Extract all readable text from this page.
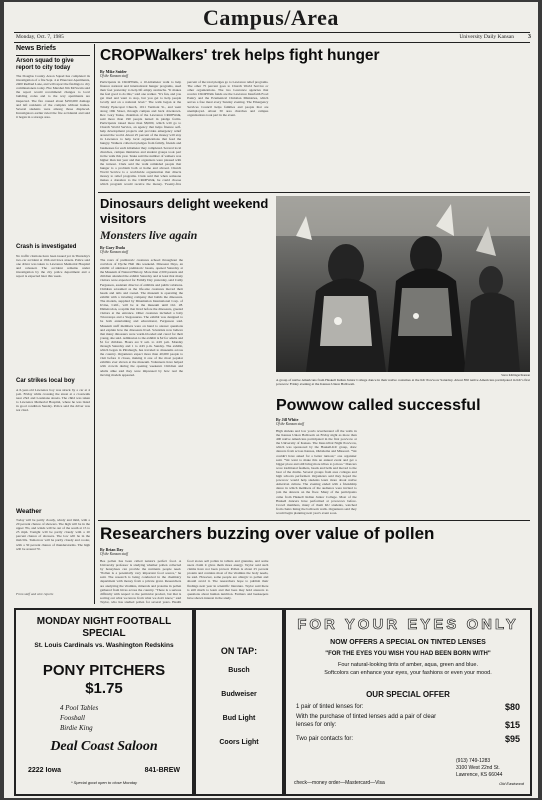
Campus/Area
Monday, Oct. 7, 1985	University Daily Kansan	3
News Briefs
Arson squad to give report to city today
The Douglas County Arson Squad has completed its investigation of a fire Sept. 4 at Pinecrest Apartments, 2400 Redbud Lane, and will report the findings to city commissioners today. Fire Marshal Jim McSwain said the report would recommend changes to local building codes and to the way apartments are inspected. The fire caused about $250,000 damage and left residents of the complex without homes. Several students were among those displaced. Investigators earlier ruled the fire accidental and said it began in a storage area.
Crash is investigated
No traffic citations have been issued yet in Thursday's two-car accident at 19th and Iowa streets. Police said one driver was taken to Lawrence Memorial Hospital and released. The accident remains under investigation by the city police department and a report is expected later this week.
Car strikes local boy
A 6-year-old Lawrence boy was struck by a car at 4 p.m. Friday while crossing the street at a crosswalk near 23rd and Louisiana streets. The child was taken to Lawrence Memorial Hospital, where he was listed in good condition Sunday. Police said the driver was not cited.
Weather
Today will be partly cloudy, windy and mild, with a 20 percent chance of showers. The high will be in the upper 70s, and winds will be out of the south at 15 to 25 mph. Tonight will be partly cloudy with a 20 percent chance of showers. The low will be in the mid-50s. Tomorrow will be partly cloudy and cooler, with a 30 percent chance of thunderstorms. The high will be around 70.
From staff and wire reports
CROPWalkers' trek helps fight hunger
By Mike Snider
Of the Kansan staff
Participants in CROPWalk, a 10-kilometer walk to help finance national and international hunger programs, used their feet yesterday to help lift empty stomachs. "It makes me feel good to do this," said one walker. "It's fun, and you get tired and want to stop, but you get to help people locally and on a national level." The walk began at the Trinity Episcopal Church, 1011 Vermont St., and went along 19th Street, through campus and back downtown. Rev. Gary Teske, chairman of the Lawrence CROPWalk, said more than 190 people turned in pledge forms. Participants raised more than $8,000, which will go to Church World Service, an agency that helps finance self-help development projects and provides emergency relief around the world. About 25 percent of the money will stay in Lawrence to help local organizations that feed the hungry. Walkers collected pledges from family, friends and businesses for each kilometer they completed. Several local churches, campus ministries and student groups took part in the walk this year. Teske said the number of walkers was higher than last year and that organizers were pleased with the turnout. Clark said the walk reminded people that hunger is a problem both at home and abroad. Church World Service is a worldwide organization that directs money to relief programs. Clark said that when someone makes a donation to the CROPWalk, he could choose which program would receive the money. Twenty-five percent of the total pledges go to Lawrence relief programs. The other 75 percent goes to Church World Service or other organizations. The two Lawrence agencies that receive CROPWalk funds are the Lawrence Interfaith Food Pantry and the Ecumenical Christian Ministries, which serves a free meal every Sunday evening. The Emergency Services Council helps families and people that are unemployed. About 30 area churches and campus organizations took part in the event.
Dinosaurs delight weekend visitors
Monsters live again
By Gary Duda
Of the Kansan staff
The roars of prehistoric creatures echoed throughout the corridors of Dyche Hall this weekend. Dinosaur Days, an exhibit of animated prehistoric beasts, opened Saturday at the Museum of Natural History. More than 2,500 parents and children attended the exhibit Saturday and at least that many visitors were expected for Family Day yesterday, said Cathy Fergusson, assistant director of exhibits and public relations. Children screamed as the life-size creatures moved their heads and tails and roared. The museum is operating the exhibit with a traveling company that builds the dinosaurs. The models, supplied by Dinamation International Corp. of Irvine, Calif., will be at the museum until Oct. 28. Dimetrodon, a reptile that lived before the dinosaurs, greeted visitors at the entrance. Other creatures included a baby Triceratops and a Stegosaurus. The exhibit was designed to be both entertaining and educational, Fergusson said. Museum staff members were on hand to answer questions and explain how the dinosaurs lived. Scientists now believe that many dinosaurs were warm-blooded and cared for their young, she said. Admission to the exhibit is $2 for adults and $1 for children. Hours are 9 a.m. to 4:45 p.m. Monday through Saturday and 1 to 4:45 p.m. Sunday. The exhibit, which began in Pittsburgh, has traveled to museums across the country. Organizers expect more than 40,000 people to visit before it closes, making it one of the most popular exhibits ever shown at the museum. Volunteers have helped with crowds during the opening weekend. Children and adults alike said they were impressed by how real the moving models appeared.	Steve Kiblinger/Kansan
A group of native Americans from Haskell Indian Junior College dance in their native costumes at the KU Powwow Saturday. About 850 native Americans participated in KU's first powwow Friday evening at the Kansas Union Ballroom.
Powwow called successful
By Jill White
Of the Kansan staff
High shrieks and low yowls reverberated off the walls in the Kansas Union Ballroom on Friday night as more than 400 native Americans participated in the first powwow at the University of Kansas. The Inter-tribal Night Powwow, which was sponsored by the Haskell-KU group, drew dancers from across Kansas, Oklahoma and Missouri. "We couldn't have asked for a better turnout," one organizer said. "We want to make this an annual event and get a bigger place and still bring more tribes to join us." Dancers wore traditional feathers, beads and bells and moved to the beat of the drums. Several groups from area colleges and high schools performed. Organizers said they hoped the powwow would help students learn more about native American culture. The evening ended with a friendship dance in which members of the audience were invited to join the dancers on the floor. Many of the participants came from Haskell Indian Junior College. Most of the Haskell dancers have performed at powwows before. Crowd members, many of them KU students, watched from chairs lining the ballroom walls. Organizers said they would begin planning next year's event soon.
Researchers buzzing over value of pollen
By Brian Day
Of the Kansan staff
Bee pollen has been called nature's perfect food. A University professor is studying whether pollen collected by honeybees can provide the nutrients people need. "Pollen is a potentially very important food source," he said. The research is being conducted in the chemistry department with money from a private grant. Researchers are analyzing the vitamins, minerals and proteins in pollen gathered from hives across the country. "There is a serious difficulty with respect to the particular product, but that is sorting out what we know from what we don't know," said Taylor, who has studied pollen for several years. Health food stores sell pollen in tablets and granules, and some users claim it gives them more energy. Taylor said such claims have not been proved. Pollen is about 25 percent protein and contains most of the vitamins the body needs, he said. However, some people are allergic to pollen and should avoid it. The researchers hope to publish their findings next year in scientific literature. Taylor said there is still much to learn and that bees may hold answers to questions about human nutrition. Farmers and beekeepers have shown interest in the study.
MONDAY NIGHT FOOTBALL SPECIAL
St. Louis Cardinals vs. Washington Redskins
PONY PITCHERS
$1.75
4 Pool Tables
Foosball
Birdie King
Deal Coast Saloon
2222 Iowa	841-BREW
* Special good open to close Monday
ON TAP:
Busch
Budweiser
Bud Light
Coors Light
FOR YOUR EYES ONLY
NOW OFFERS A SPECIAL ON TINTED LENSES
"FOR THE EYES YOU WISH YOU HAD BEEN BORN WITH"
Four natural-looking tints of amber, aqua, green and blue.
Softcolors can enhance your eyes, your fashions or even your mood.
OUR SPECIAL OFFER
1 pair of tinted lenses for:	$80
With the purchase of tinted lenses add a pair of clear lenses for only:	$15
Two pair contacts for:	$95
(913) 749-1283
3100 West 22nd St.
Lawrence, KS 66044
check—money order—Mastercard—Visa	Old Eastwood
